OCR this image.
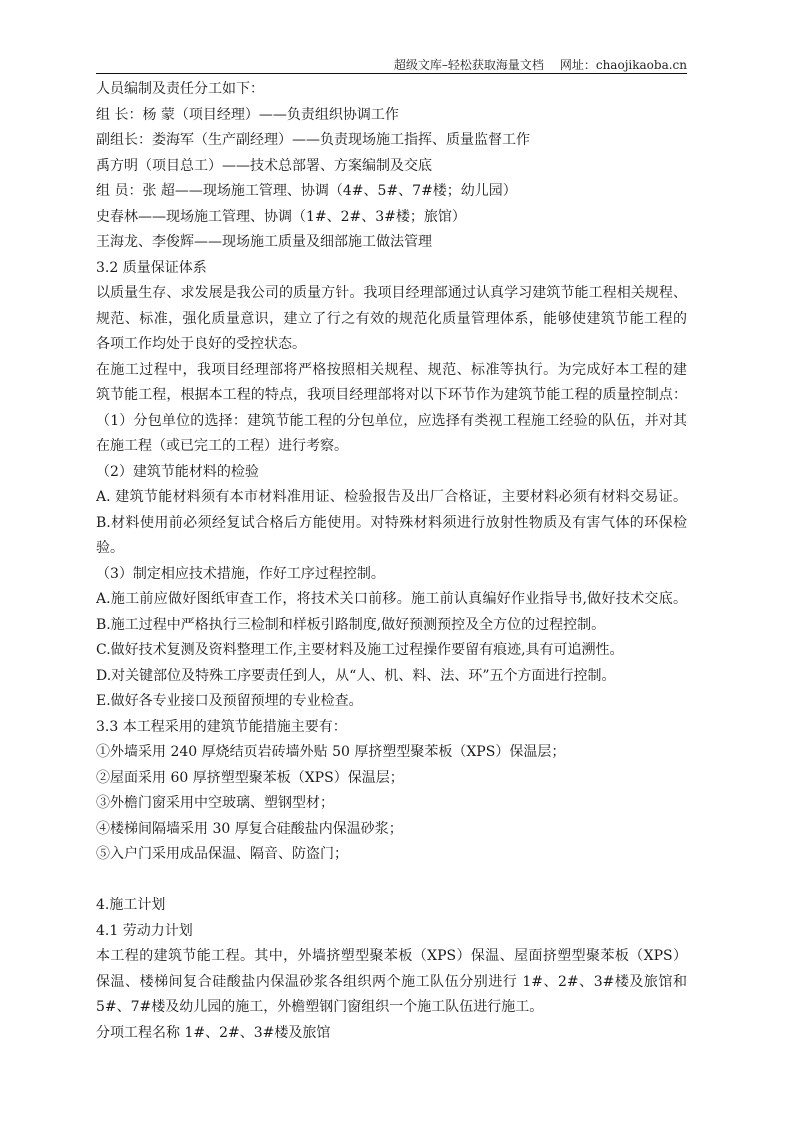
超级文库–轻松获取海量文档 网址：chaojikaoba.cn
人员编制及责任分工如下：
组 长：杨 蒙（项目经理）——负责组织协调工作
副组长：娄海军（生产副经理）——负责现场施工指挥、质量监督工作
禹方明（项目总工）——技术总部署、方案编制及交底
组 员：张 超——现场施工管理、协调（4#、5#、7#楼；幼儿园）
史春林——现场施工管理、协调（1#、2#、3#楼；旅馆）
王海龙、李俊辉——现场施工质量及细部施工做法管理
3.2 质量保证体系
以质量生存、求发展是我公司的质量方针。我项目经理部通过认真学习建筑节能工程相关规程、
规范、标准，强化质量意识，建立了行之有效的规范化质量管理体系，能够使建筑节能工程的
各项工作均处于良好的受控状态。
在施工过程中，我项目经理部将严格按照相关规程、规范、标准等执行。为完成好本工程的建
筑节能工程，根据本工程的特点，我项目经理部将对以下环节作为建筑节能工程的质量控制点：
（1）分包单位的选择：建筑节能工程的分包单位，应选择有类视工程施工经验的队伍，并对其
在施工程（或已完工的工程）进行考察。
（2）建筑节能材料的检验
A. 建筑节能材料须有本市材料准用证、检验报告及出厂合格证，主要材料必须有材料交易证。
B.材料使用前必须经复试合格后方能使用。对特殊材料须进行放射性物质及有害气体的环保检
验。
（3）制定相应技术措施，作好工序过程控制。
A.施工前应做好图纸审查工作，将技术关口前移。施工前认真编好作业指导书,做好技术交底。
B.施工过程中严格执行三检制和样板引路制度,做好预测预控及全方位的过程控制。
C.做好技术复测及资料整理工作,主要材料及施工过程操作要留有痕迹,具有可追溯性。
D.对关键部位及特殊工序要责任到人，从“人、机、料、法、环”五个方面进行控制。
E.做好各专业接口及预留预埋的专业检查。
3.3 本工程采用的建筑节能措施主要有：
①外墙采用 240 厚烧结页岩砖墙外贴 50 厚挤塑型聚苯板（XPS）保温层；
②屋面采用 60 厚挤塑型聚苯板（XPS）保温层；
③外檐门窗采用中空玻璃、塑钢型材；
④楼梯间隔墙采用 30 厚复合硅酸盐内保温砂浆；
⑤入户门采用成品保温、隔音、防盗门；
4.施工计划
4.1 劳动力计划
本工程的建筑节能工程。其中，外墙挤塑型聚苯板（XPS）保温、屋面挤塑型聚苯板（XPS）
保温、楼梯间复合硅酸盐内保温砂浆各组织两个施工队伍分别进行 1#、2#、3#楼及旅馆和
5#、7#楼及幼儿园的施工，外檐塑钢门窗组织一个施工队伍进行施工。
分项工程名称 1#、2#、3#楼及旅馆
